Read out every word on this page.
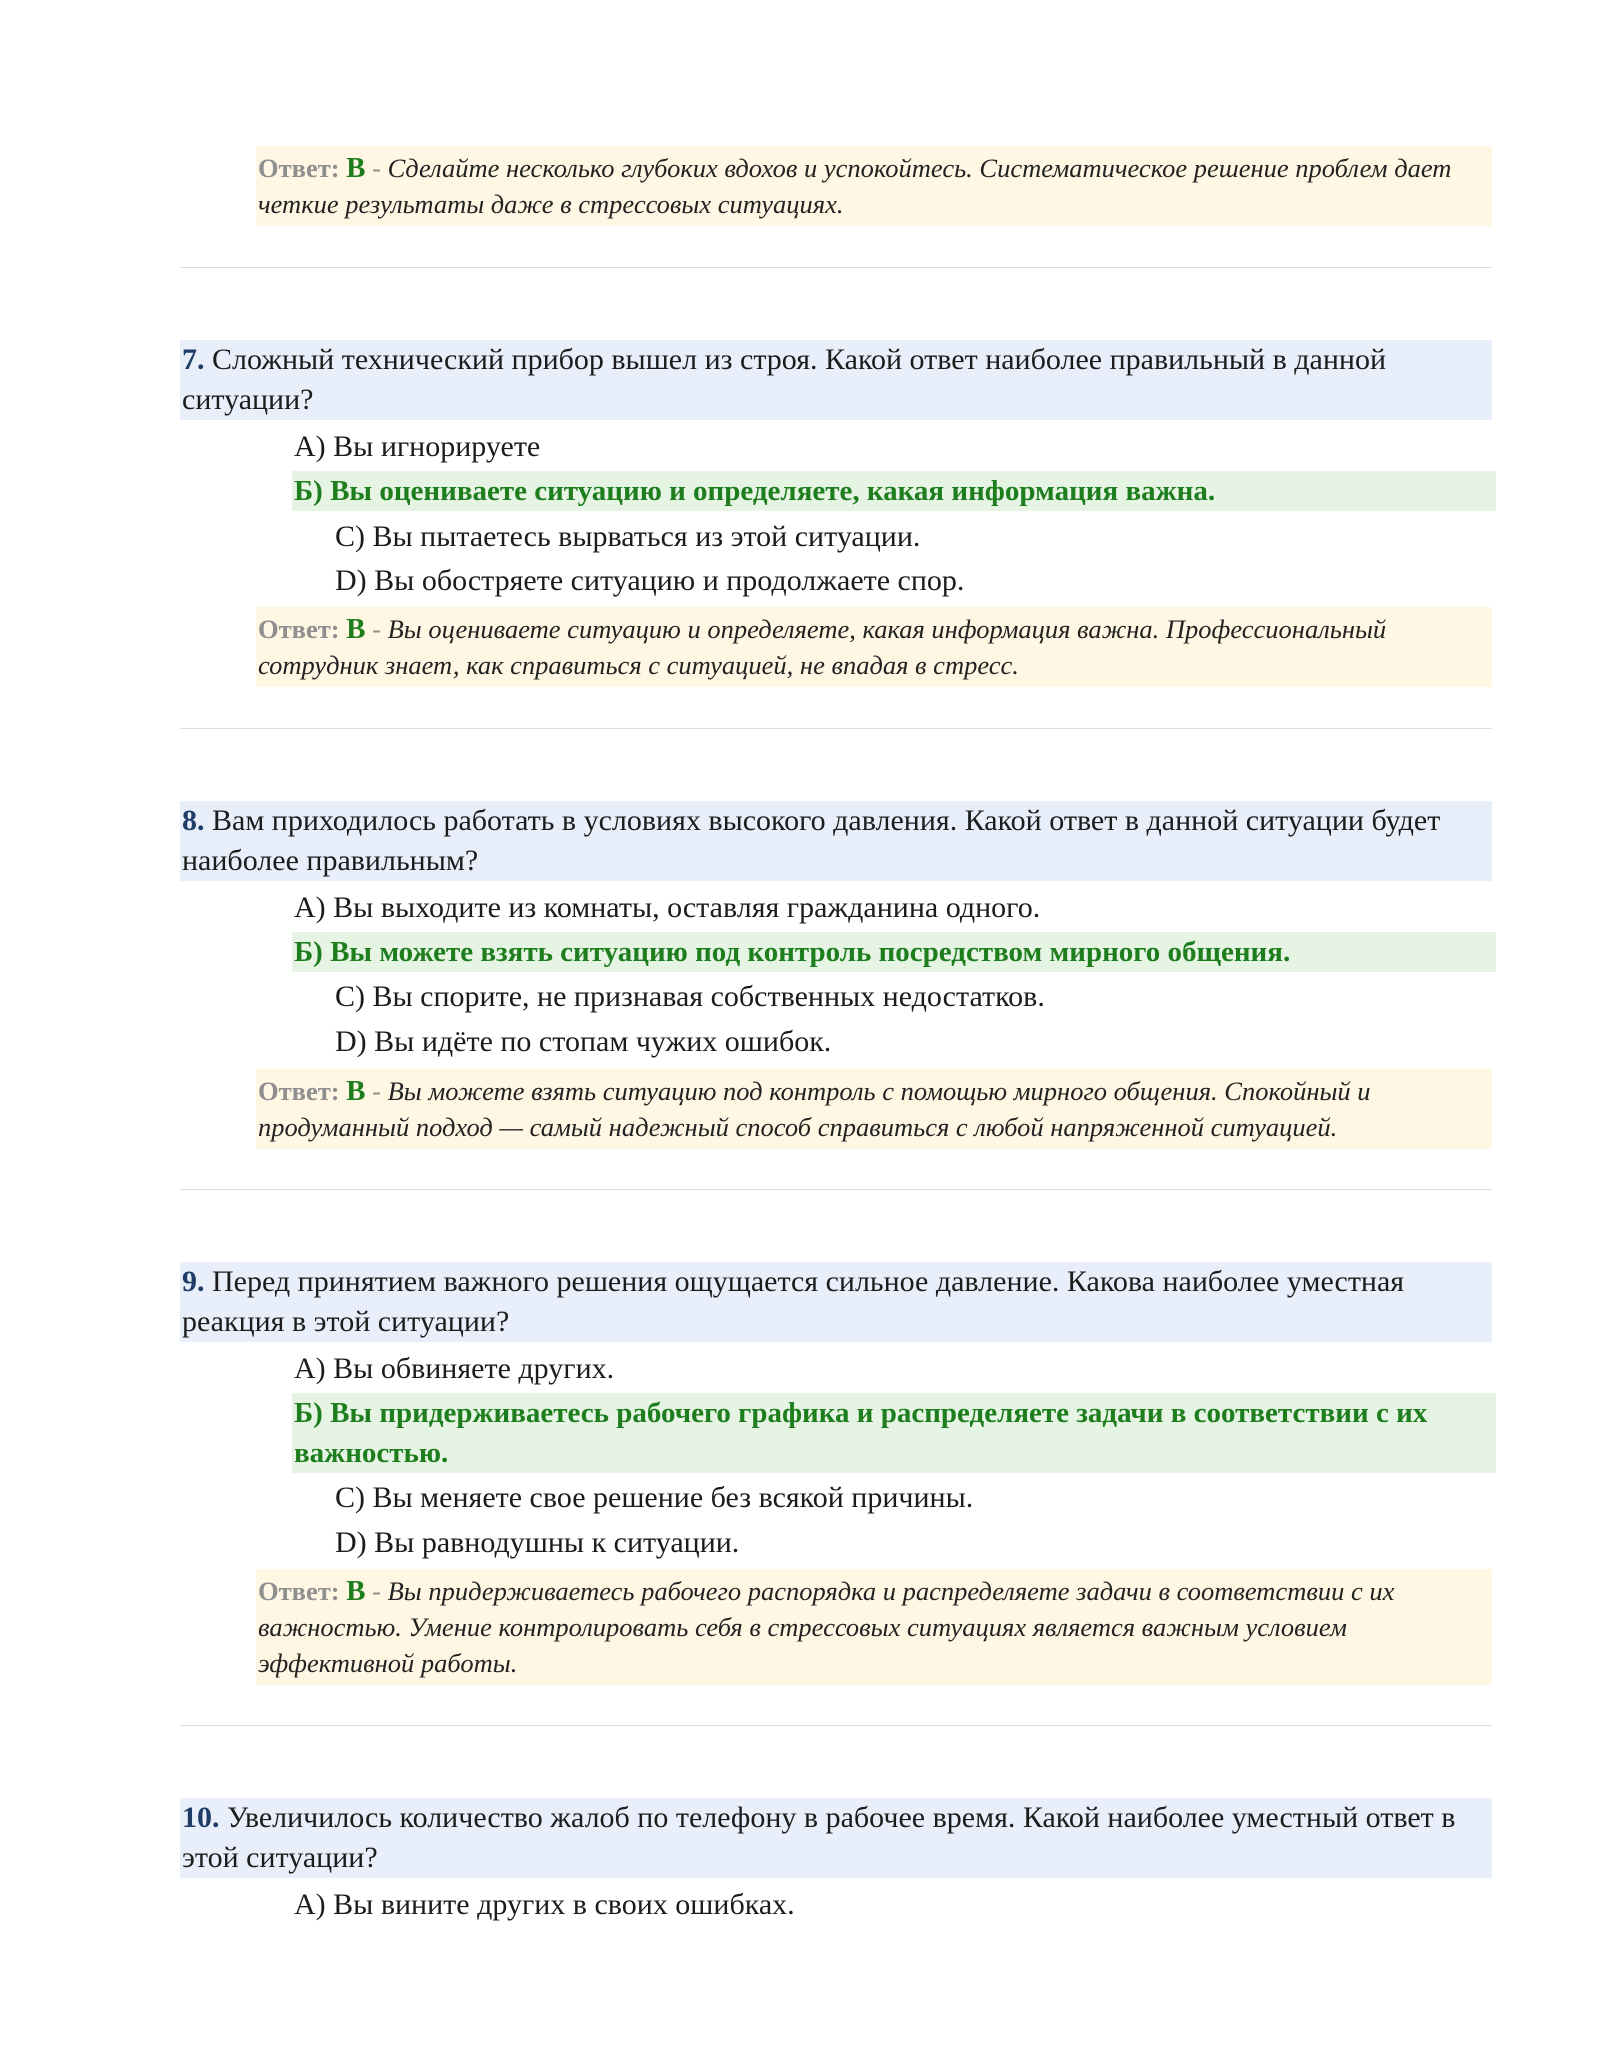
Ответ: B - Сделайте несколько глубоких вдохов и успокойтесь. Систематическое решение проблем дает четкие результаты даже в стрессовых ситуациях.
7. Сложный технический прибор вышел из строя. Какой ответ наиболее правильный в данной ситуации?
А) Вы игнорируете
Б) Вы оцениваете ситуацию и определяете, какая информация важна.
C) Вы пытаетесь вырваться из этой ситуации.
D) Вы обостряете ситуацию и продолжаете спор.
Ответ: B - Вы оцениваете ситуацию и определяете, какая информация важна. Профессиональный сотрудник знает, как справиться с ситуацией, не впадая в стресс.
8. Вам приходилось работать в условиях высокого давления. Какой ответ в данной ситуации будет наиболее правильным?
А) Вы выходите из комнаты, оставляя гражданина одного.
Б) Вы можете взять ситуацию под контроль посредством мирного общения.
C) Вы спорите, не признавая собственных недостатков.
D) Вы идёте по стопам чужих ошибок.
Ответ: B - Вы можете взять ситуацию под контроль с помощью мирного общения. Спокойный и продуманный подход — самый надежный способ справиться с любой напряженной ситуацией.
9. Перед принятием важного решения ощущается сильное давление. Какова наиболее уместная реакция в этой ситуации?
А) Вы обвиняете других.
Б) Вы придерживаетесь рабочего графика и распределяете задачи в соответствии с их важностью.
C) Вы меняете свое решение без всякой причины.
D) Вы равнодушны к ситуации.
Ответ: B - Вы придерживаетесь рабочего распорядка и распределяете задачи в соответствии с их важностью. Умение контролировать себя в стрессовых ситуациях является важным условием эффективной работы.
10. Увеличилось количество жалоб по телефону в рабочее время. Какой наиболее уместный ответ в этой ситуации?
А) Вы вините других в своих ошибках.
